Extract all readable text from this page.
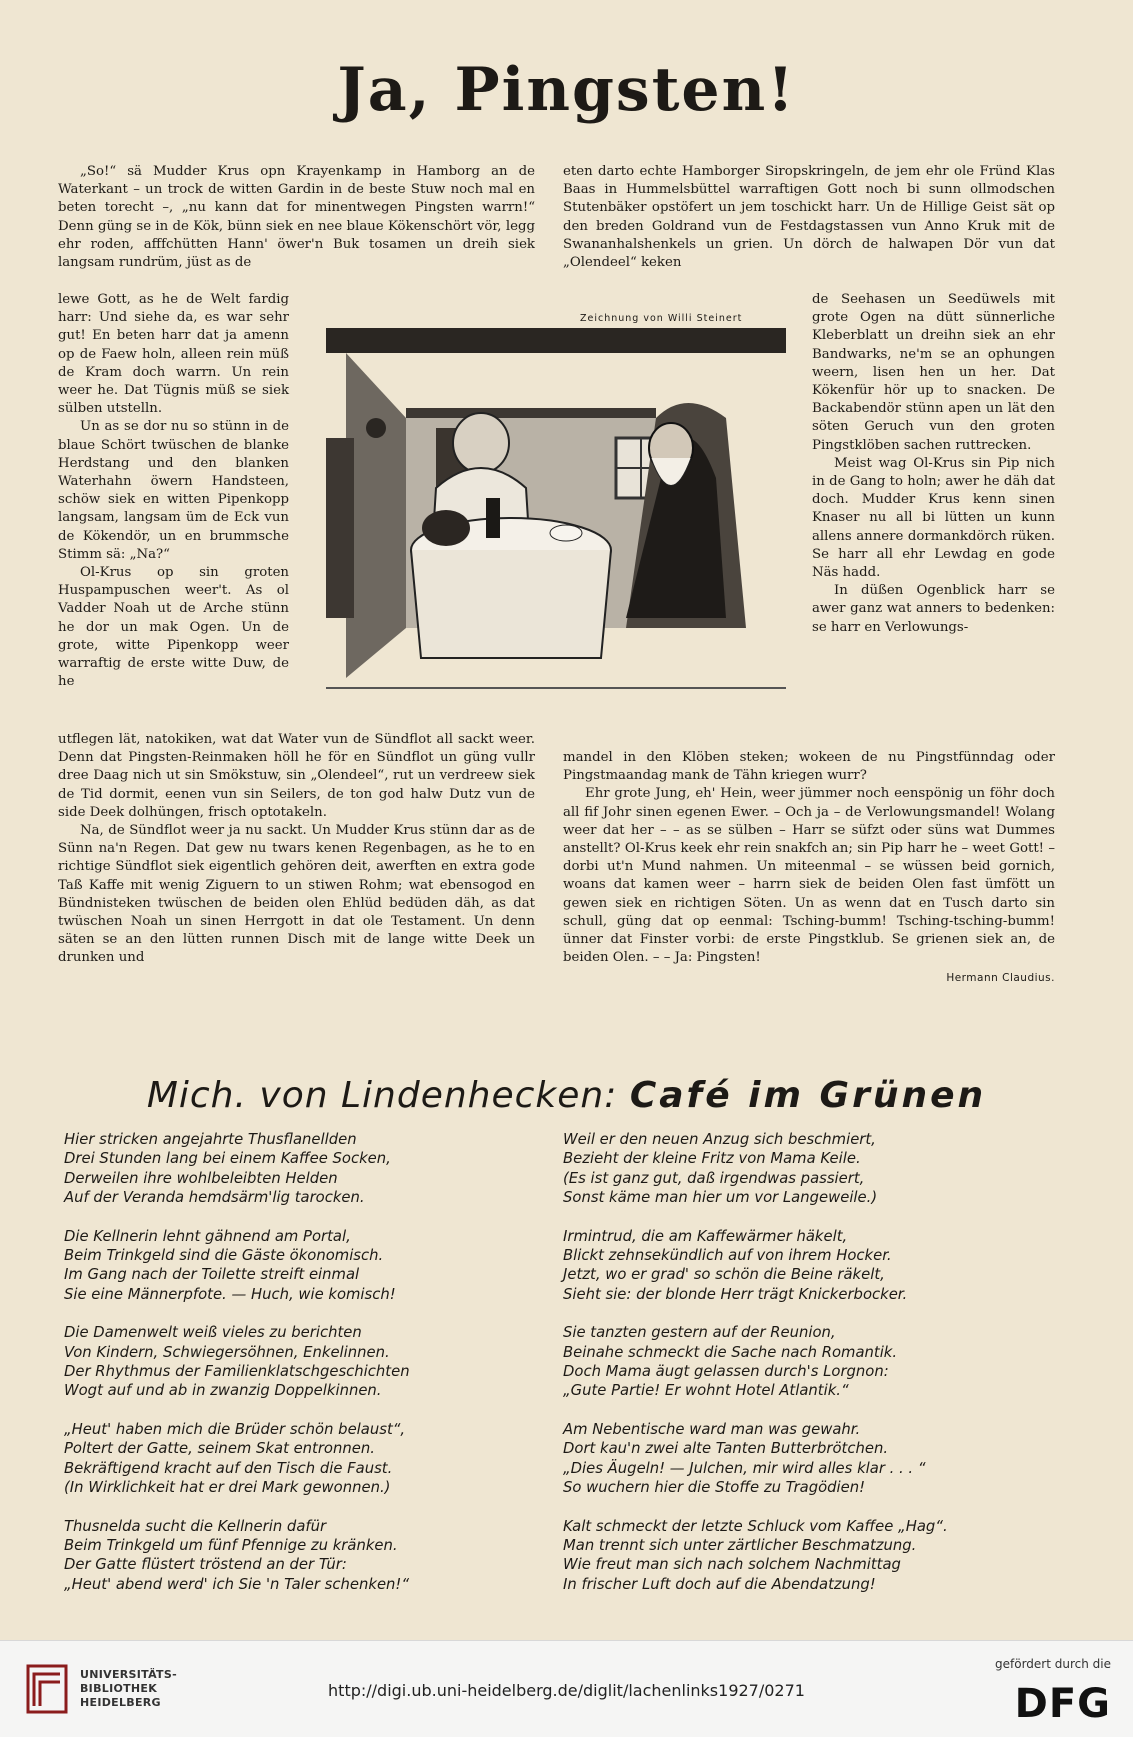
Ja, Pingsten!

„So!“ sä Mudder Krus opn Krayenkamp in Hamborg an de Waterkant – un trock de witten Gardin in de beste Stuw noch mal en beten torecht –, „nu kann dat for minentwegen Pingsten warrn!“ Denn güng se in de Kök, bünn siek en nee blaue Kökenschört vör, legg ehr roden, afffchütten Hann' öwer'n Buk tosamen un dreih siek langsam rundrüm, jüst as de

lewe Gott, as he de Welt fardig harr: Und siehe da, es war sehr gut! En beten harr dat ja amenn op de Faew holn, alleen rein müß de Kram doch warrn. Un rein weer he. Dat Tügnis müß se siek sülben utstelln.

Un as se dor nu so stünn in de blaue Schört twüschen de blanke Herdstang und den blanken Waterhahn öwern Handsteen, schöw siek en witten Pipenkopp langsam, langsam üm de Eck vun de Kökendör, un en brummsche Stimm sä: „Na?“

Ol-Krus op sin groten Huspampuschen weer't. As ol Vadder Noah ut de Arche stünn he dor un mak Ogen. Un de grote, witte Pipenkopp weer warraftig de erste witte Duw, de he

utflegen lät, natokiken, wat dat Water vun de Sündflot all sackt weer. Denn dat Pingsten-Reinmaken höll he för en Sündflot un güng vullr dree Daag nich ut sin Smökstuw, sin „Olendeel“, rut un verdreew siek de Tid dormit, eenen vun sin Seilers, de ton god halw Dutz vun de side Deek dolhüngen, frisch optotakeln.

Na, de Sündflot weer ja nu sackt. Un Mudder Krus stünn dar as de Sünn na'n Regen. Dat gew nu twars kenen Regenbagen, as he to en richtige Sündflot siek eigentlich gehören deit, awerften en extra gode Taß Kaffe mit wenig Ziguern to un stiwen Rohm; wat ebensogod en Bündnisteken twüschen de beiden olen Ehlüd bedüden däh, as dat twüschen Noah un sinen Herrgott in dat ole Testament. Un denn säten se an den lütten runnen Disch mit de lange witte Deek un drunken und

eten darto echte Hamborger Siropskringeln, de jem ehr ole Fründ Klas Baas in Hummelsbüttel warraftigen Gott noch bi sunn ollmodschen Stutenbäker opstöfert un jem toschickt harr. Un de Hillige Geist sät op den breden Goldrand vun de Festdagstassen vun Anno Kruk mit de Swananhalshenkels un grien. Un dörch de halwapen Dör vun dat „Olendeel“ keken

Zeichnung von Willi Steinert

de Seehasen un Seedüwels mit grote Ogen na dütt sünnerliche Kleberblatt un dreihn siek an ehr Bandwarks, ne'm se an ophungen weern, lisen hen un her. Dat Kökenfür hör up to snacken. De Backabendör stünn apen un lät den söten Geruch vun den groten Pingstklöben sachen ruttrecken.

Meist wag Ol-Krus sin Pip nich in de Gang to holn; awer he däh dat doch. Mudder Krus kenn sinen Knaser nu all bi lütten un kunn allens annere dormankdörch rüken. Se harr all ehr Lewdag en gode Näs hadd.

In düßen Ogenblick harr se awer ganz wat anners to bedenken: se harr en Verlowungs-

mandel in den Klöben steken; wokeen de nu Pingstfünndag oder Pingstmaandag mank de Tähn kriegen wurr?

Ehr grote Jung, eh' Hein, weer jümmer noch eenspönig un föhr doch all fif Johr sinen egenen Ewer. – Och ja – de Verlowungsmandel! Wolang weer dat her – – as se sülben – Harr se süfzt oder süns wat Dummes anstellt? Ol-Krus keek ehr rein snakfch an; sin Pip harr he – weet Gott! – dorbi ut'n Mund nahmen. Un miteenmal – se wüssen beid gornich, woans dat kamen weer – harrn siek de beiden Olen fast ümfött un gewen siek en richtigen Söten. Un as wenn dat en Tusch darto sin schull, güng dat op eenmal: Tsching-bumm! Tsching-tsching-bumm! ünner dat Finster vorbi: de erste Pingstklub. Se grienen siek an, de beiden Olen. – – Ja: Pingsten!

Hermann Claudius.
Mich. von Lindenhecken: Café im Grünen
Hier stricken angejahrte Thusflanellden
Drei Stunden lang bei einem Kaffee Socken,
Derweilen ihre wohlbeleibten Helden
Auf der Veranda hemdsärm'lig tarocken.
Die Kellnerin lehnt gähnend am Portal,
Beim Trinkgeld sind die Gäste ökonomisch.
Im Gang nach der Toilette streift einmal
Sie eine Männerpfote. — Huch, wie komisch!
Die Damenwelt weiß vieles zu berichten
Von Kindern, Schwiegersöhnen, Enkelinnen.
Der Rhythmus der Familienklatschgeschichten
Wogt auf und ab in zwanzig Doppelkinnen.
„Heut' haben mich die Brüder schön belaust“,
Poltert der Gatte, seinem Skat entronnen.
Bekräftigend kracht auf den Tisch die Faust.
(In Wirklichkeit hat er drei Mark gewonnen.)
Thusnelda sucht die Kellnerin dafür
Beim Trinkgeld um fünf Pfennige zu kränken.
Der Gatte flüstert tröstend an der Tür:
„Heut' abend werd' ich Sie 'n Taler schenken!“
Weil er den neuen Anzug sich beschmiert,
Bezieht der kleine Fritz von Mama Keile.
(Es ist ganz gut, daß irgendwas passiert,
Sonst käme man hier um vor Langeweile.)
Irmintrud, die am Kaffewärmer häkelt,
Blickt zehnsekündlich auf von ihrem Hocker.
Jetzt, wo er grad' so schön die Beine räkelt,
Sieht sie: der blonde Herr trägt Knickerbocker.
Sie tanzten gestern auf der Reunion,
Beinahe schmeckt die Sache nach Romantik.
Doch Mama äugt gelassen durch's Lorgnon:
„Gute Partie! Er wohnt Hotel Atlantik.“
Am Nebentische ward man was gewahr.
Dort kau'n zwei alte Tanten Butterbrötchen.
„Dies Äugeln! — Julchen, mir wird alles klar . . . “
So wuchern hier die Stoffe zu Tragödien!
Kalt schmeckt der letzte Schluck vom Kaffee „Hag“.
Man trennt sich unter zärtlicher Beschmatzung.
Wie freut man sich nach solchem Nachmittag
In frischer Luft doch auf die Abendatzung!
UNIVERSITÄTS-
BIBLIOTHEK
HEIDELBERG
http://digi.ub.uni-heidelberg.de/diglit/lachenlinks1927/0271
gefördert durch die
DFG
